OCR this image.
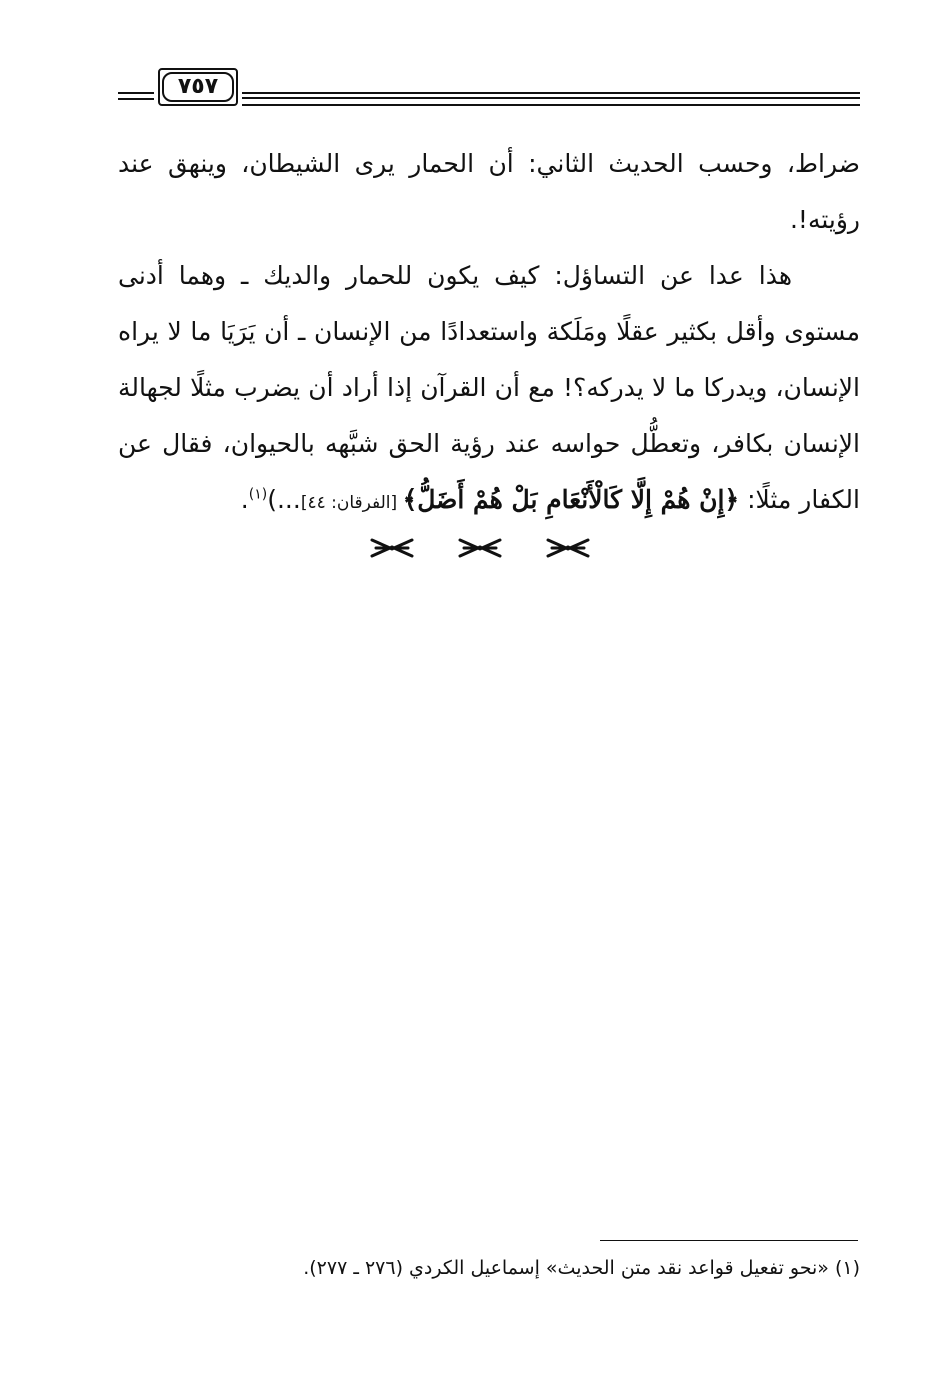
٧٥٧

ضراط، وحسب الحديث الثاني: أن الحمار يرى الشيطان، وينهق عند رؤيته!.

هذا عدا عن التساؤل: كيف يكون للحمار والديك ـ وهما أدنى مستوى وأقل بكثير عقلًا ومَلَكة واستعدادًا من الإنسان ـ أن يَرَيَا ما لا يراه الإنسان، ويدركا ما لا يدركه؟! مع أن القرآن إذا أراد أن يضرب مثلًا لجهالة الإنسان بكافر، وتعطُّل حواسه عند رؤية الحق شبَّهه بالحيوان، فقال عن الكفار مثلًا: ﴿إِنْ هُمْ إِلَّا كَالْأَنْعَامِ بَلْ هُمْ أَضَلُّ﴾ [الفرقان: ٤٤]...)$^{(١)}$.

(١) «نحو تفعيل قواعد نقد متن الحديث» إسماعيل الكردي (٢٧٦ ـ ٢٧٧).
